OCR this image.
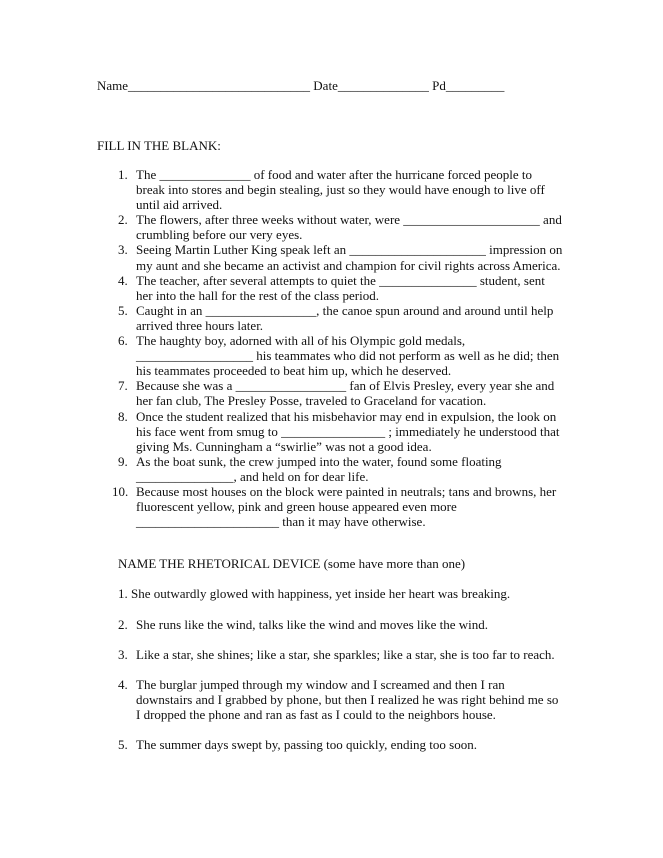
Name____________________________ Date______________ Pd_________
FILL IN THE BLANK:
1. The ______________ of food and water after the hurricane forced people to break into stores and begin stealing, just so they would have enough to live off until aid arrived.
2. The flowers, after three weeks without water, were _____________________ and crumbling before our very eyes.
3. Seeing Martin Luther King speak left an _____________________ impression on my aunt and she became an activist and champion for civil rights across America.
4. The teacher, after several attempts to quiet the _______________ student, sent her into the hall for the rest of the class period.
5. Caught in an _________________, the canoe spun around and around until help arrived three hours later.
6. The haughty boy, adorned with all of his Olympic gold medals, __________________ his teammates who did not perform as well as he did; then his teammates proceeded to beat him up, which he deserved.
7. Because she was a _________________ fan of Elvis Presley, every year she and her fan club, The Presley Posse, traveled to Graceland for vacation.
8. Once the student realized that his misbehavior may end in expulsion, the look on his face went from smug to ________________ ; immediately he understood that giving Ms. Cunningham a “swirlie” was not a good idea.
9. As the boat sunk, the crew jumped into the water, found some floating _______________, and held on for dear life.
10. Because most houses on the block were painted in neutrals; tans and browns, her fluorescent yellow, pink and green house appeared even more ______________________ than it may have otherwise.
NAME THE RHETORICAL DEVICE (some have more than one)
1. She outwardly glowed with happiness, yet inside her heart was breaking.
2. She runs like the wind, talks like the wind and moves like the wind.
3. Like a star, she shines; like a star, she sparkles; like a star, she is too far to reach.
4. The burglar jumped through my window and I screamed and then I ran downstairs and I grabbed by phone, but then I realized he was right behind me so I dropped the phone and ran as fast as I could to the neighbors house.
5. The summer days swept by, passing too quickly, ending too soon.
